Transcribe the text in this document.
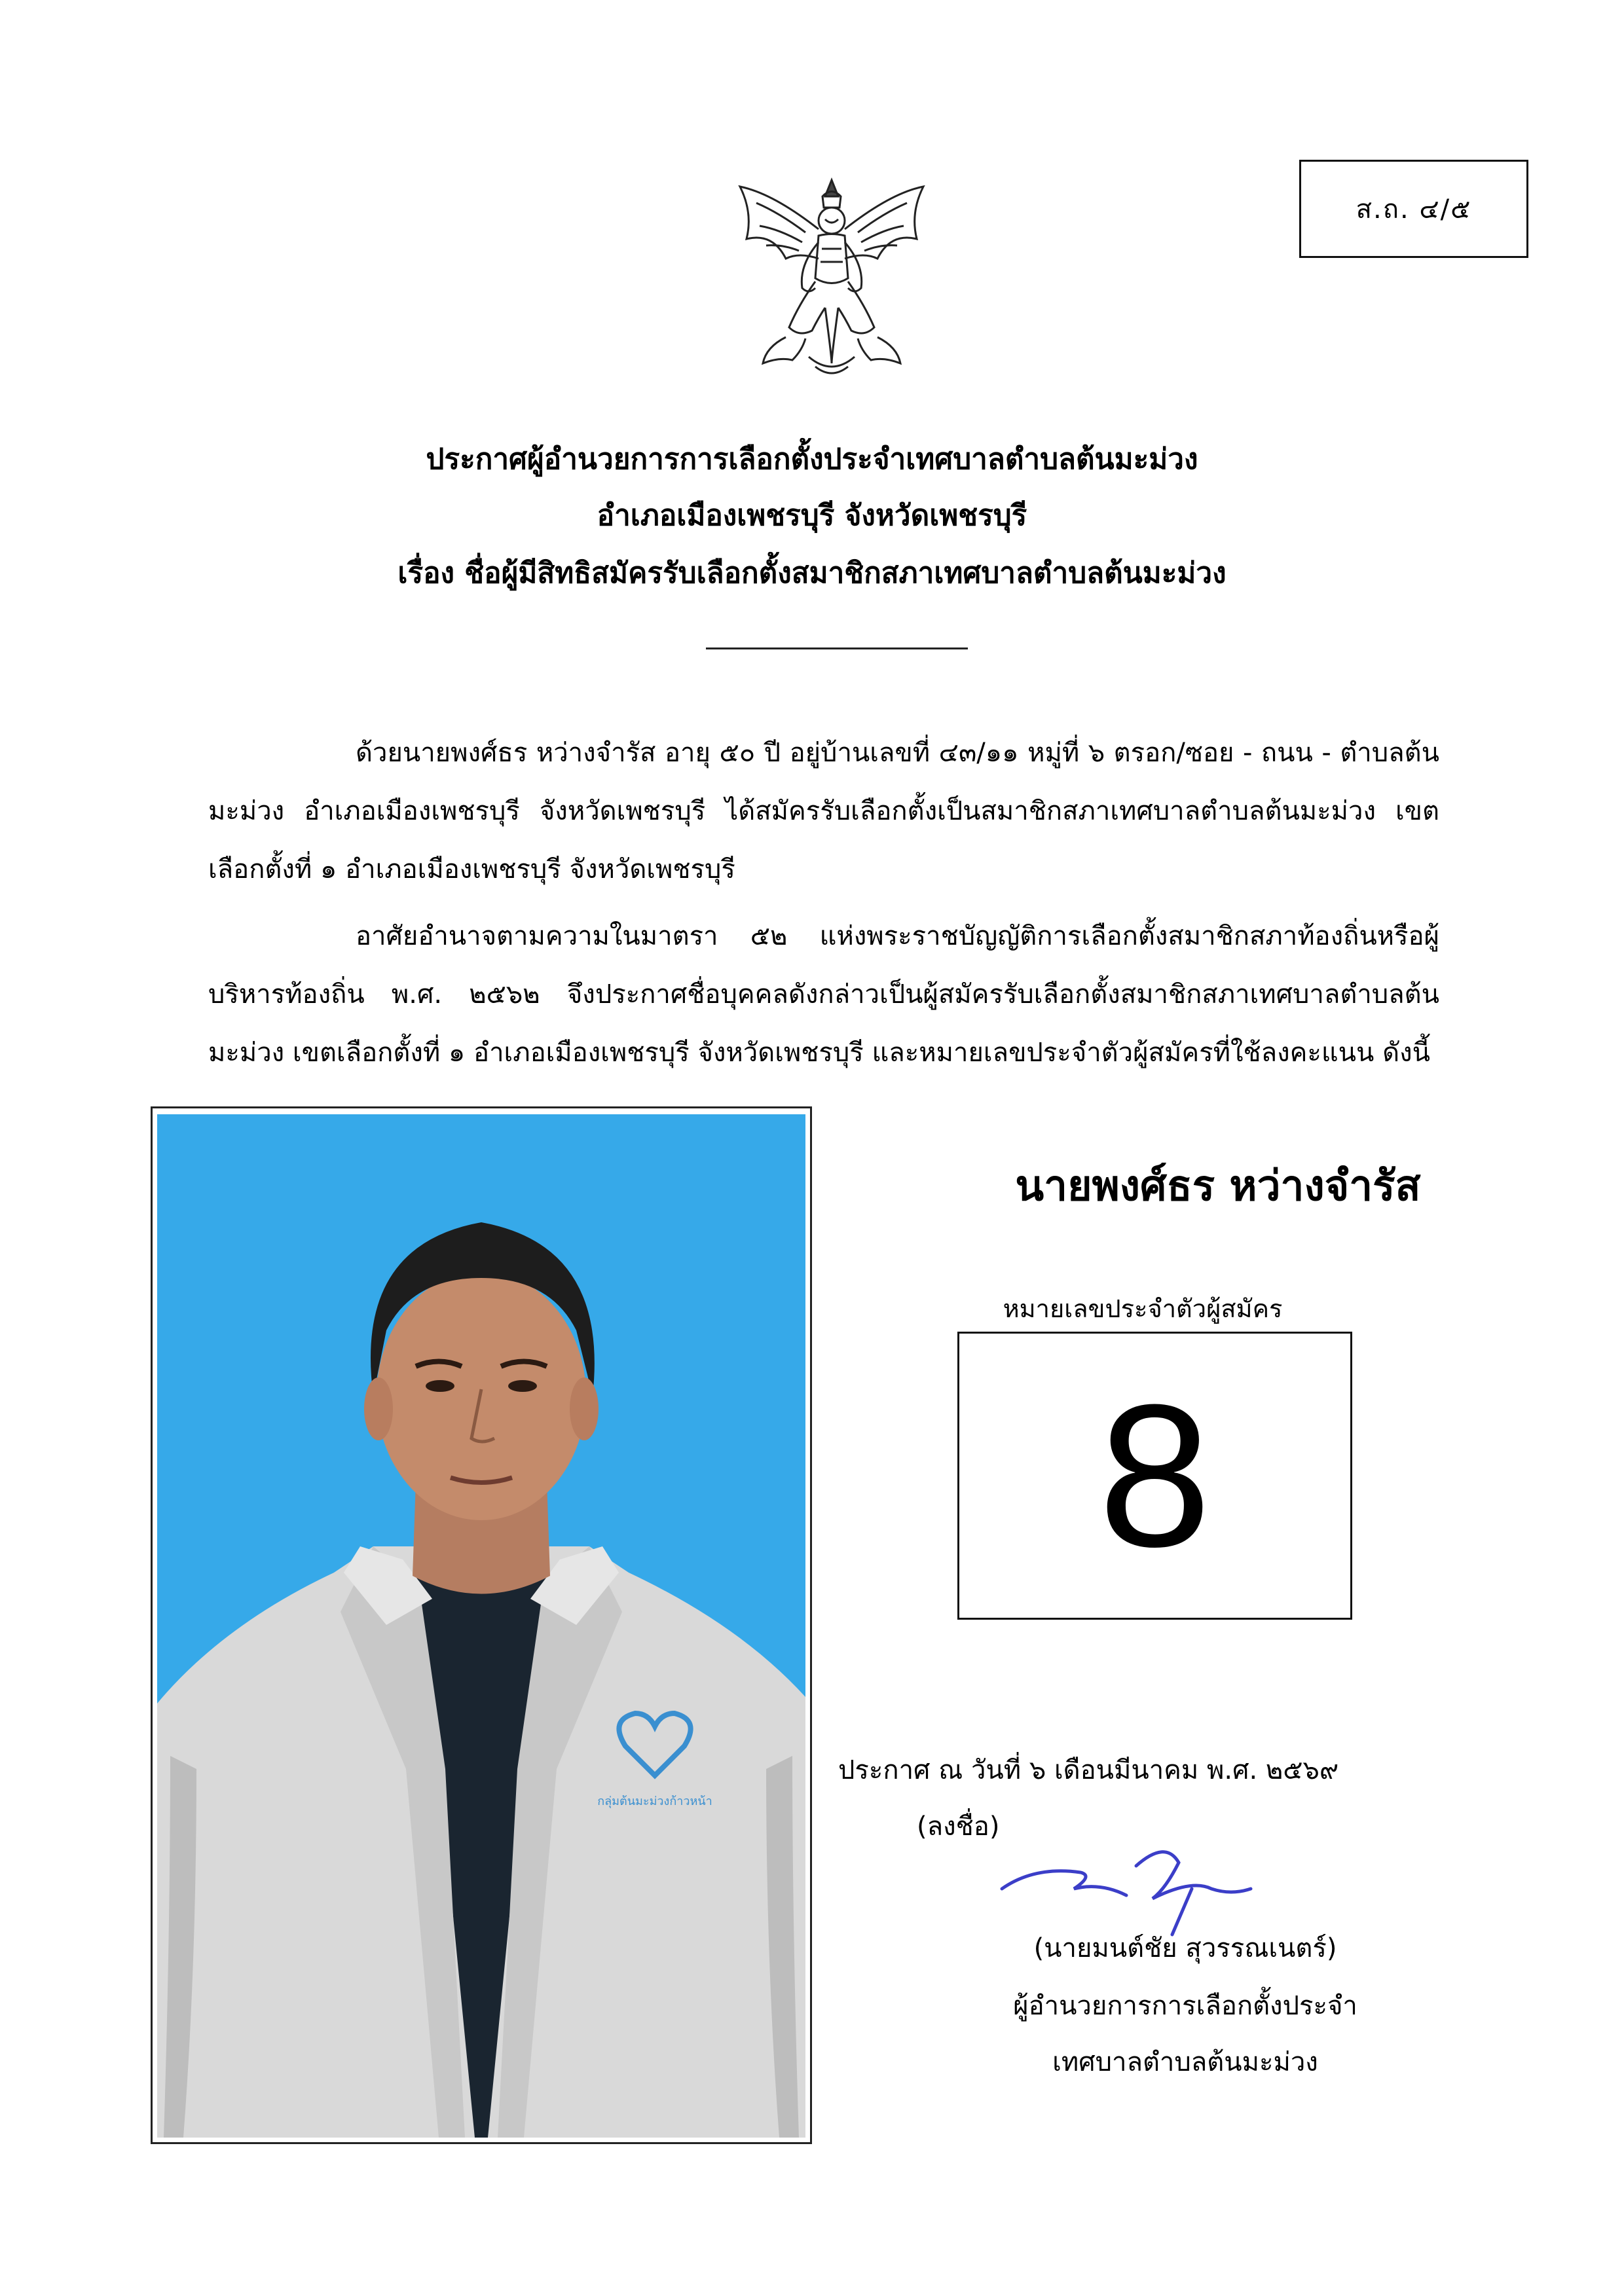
ส.ถ. ๔/๕
ประกาศผู้อำนวยการการเลือกตั้งประจำเทศบาลตำบลต้นมะม่วง
อำเภอเมืองเพชรบุรี จังหวัดเพชรบุรี
เรื่อง ชื่อผู้มีสิทธิสมัครรับเลือกตั้งสมาชิกสภาเทศบาลตำบลต้นมะม่วง
ด้วยนายพงศ์ธร หว่างจำรัส อายุ ๕๐ ปี อยู่บ้านเลขที่ ๔๓/๑๑ หมู่ที่ ๖ ตรอก/ซอย - ถนน - ตำบลต้นมะม่วง อำเภอเมืองเพชรบุรี จังหวัดเพชรบุรี ได้สมัครรับเลือกตั้งเป็นสมาชิกสภาเทศบาลตำบลต้นมะม่วง เขตเลือกตั้งที่ ๑ อำเภอเมืองเพชรบุรี จังหวัดเพชรบุรี
อาศัยอำนาจตามความในมาตรา ๕๒ แห่งพระราชบัญญัติการเลือกตั้งสมาชิกสภาท้องถิ่นหรือผู้บริหารท้องถิ่น พ.ศ. ๒๕๖๒ จึงประกาศชื่อบุคคลดังกล่าวเป็นผู้สมัครรับเลือกตั้งสมาชิกสภาเทศบาลตำบลต้นมะม่วง เขตเลือกตั้งที่ ๑ อำเภอเมืองเพชรบุรี จังหวัดเพชรบุรี และหมายเลขประจำตัวผู้สมัครที่ใช้ลงคะแนน ดังนี้
กลุ่มต้นมะม่วงก้าวหน้า
นายพงศ์ธร หว่างจำรัส
หมายเลขประจำตัวผู้สมัคร
8
ประกาศ ณ วันที่ ๖ เดือนมีนาคม พ.ศ. ๒๕๖๙
(ลงชื่อ)
(นายมนต์ชัย สุวรรณเนตร์)
ผู้อำนวยการการเลือกตั้งประจำ
เทศบาลตำบลต้นมะม่วง
